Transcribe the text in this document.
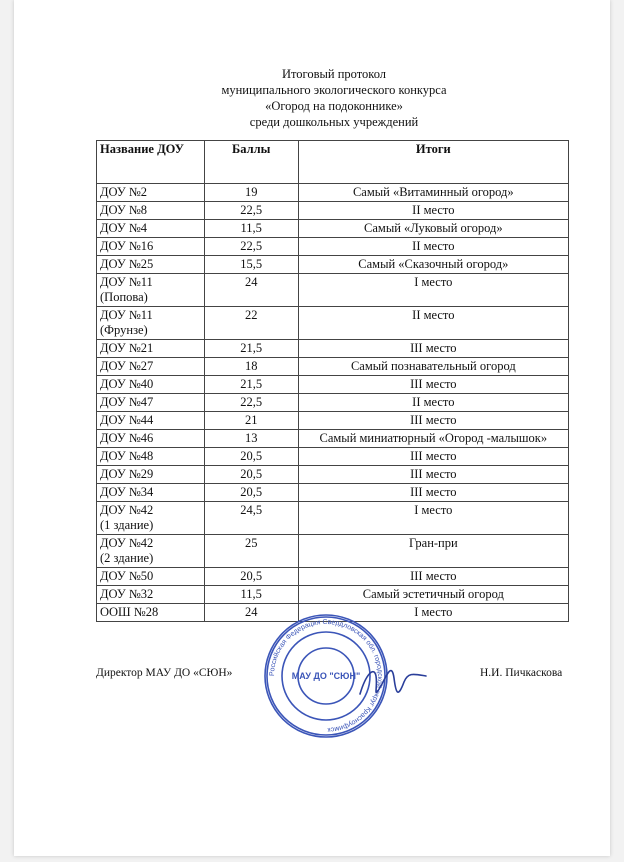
Итоговый протокол
муниципального экологического конкурса
«Огород на подоконнике»
среди дошкольных учреждений
Название ДОУ	Баллы	Итоги
ДОУ №2	19	Самый «Витаминный огород»
ДОУ №8	22,5	II место
ДОУ №4	11,5	Самый «Луковый огород»
ДОУ №16	22,5	II место
ДОУ №25	15,5	Самый «Сказочный огород»
ДОУ №11
(Попова)	24	I место
ДОУ №11
(Фрунзе)	22	II место
ДОУ №21	21,5	III место
ДОУ №27	18	Самый познавательный огород
ДОУ №40	21,5	III место
ДОУ №47	22,5	II место
ДОУ №44	21	III место
ДОУ №46	13	Самый миниатюрный «Огород -малышок»
ДОУ №48	20,5	III место
ДОУ №29	20,5	III место
ДОУ №34	20,5	III место
ДОУ №42
(1 здание)	24,5	I место
ДОУ №42
(2 здание)	25	Гран-при
ДОУ №50	20,5	III место
ДОУ №32	11,5	Самый эстетичный огород
ООШ №28	24	I место
Директор МАУ ДО «СЮН»	Н.И. Пичкаскова
Российская Федерация Свердловская обл. городской округ Красноуфимск
МАУ ДО "СЮН"
